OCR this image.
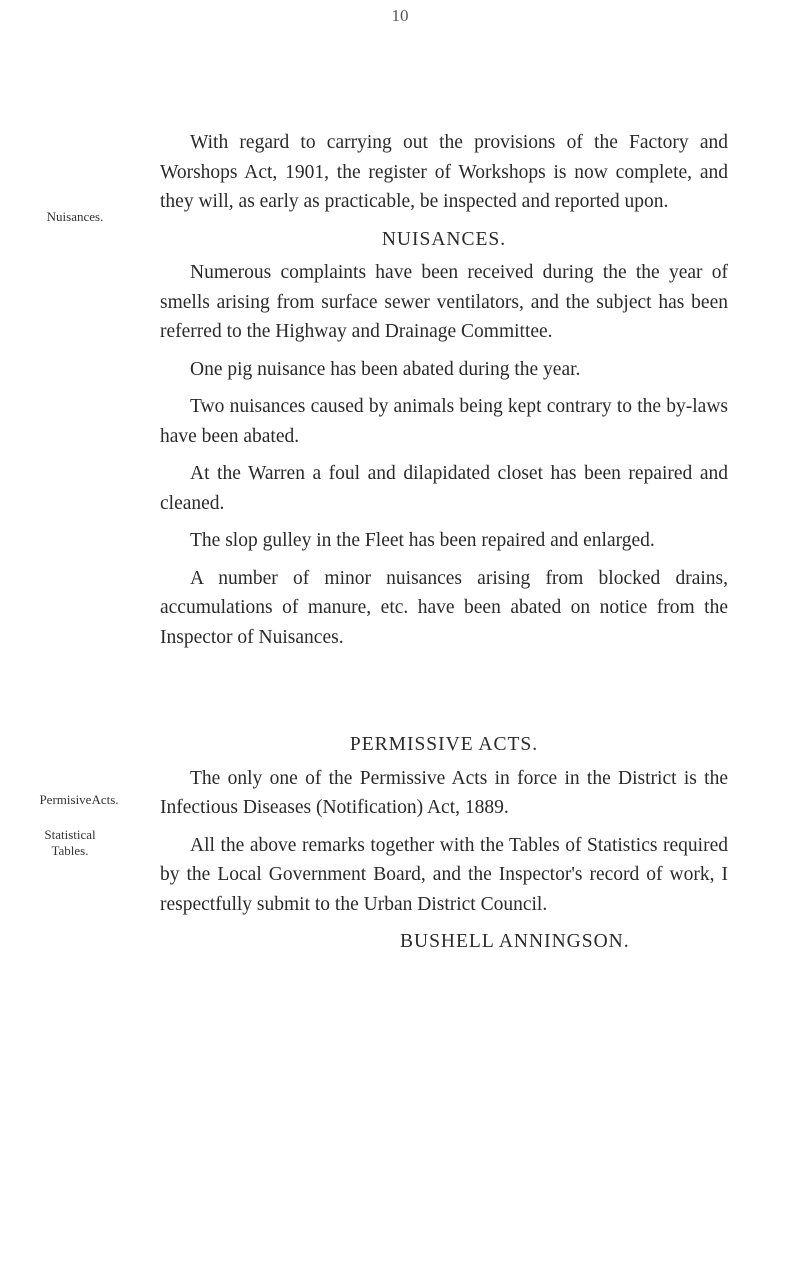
10

With regard to carrying out the provisions of the Factory and Worshops Act, 1901, the register of Workshops is now complete, and they will, as early as practicable, be inspected and reported upon.

NUISANCES.

Numerous complaints have been received during the the year of smells arising from surface sewer ventilators, and the subject has been referred to the Highway and Drainage Committee.

One pig nuisance has been abated during the year.

Two nuisances caused by animals being kept contrary to the by-laws have been abated.

At the Warren a foul and dilapidated closet has been repaired and cleaned.

The slop gulley in the Fleet has been repaired and enlarged.

A number of minor nuisances arising from blocked drains, accumulations of manure, etc. have been abated on notice from the Inspector of Nuisances.

PERMISSIVE ACTS.

The only one of the Permissive Acts in force in the District is the Infectious Diseases (Notification) Act, 1889.

All the above remarks together with the Tables of Statistics required by the Local Government Board, and the Inspector's record of work, I respectfully submit to the Urban District Council.

BUSHELL ANNINGSON.

Nuisances.
PermisiveActs.
Statistical Tables.
